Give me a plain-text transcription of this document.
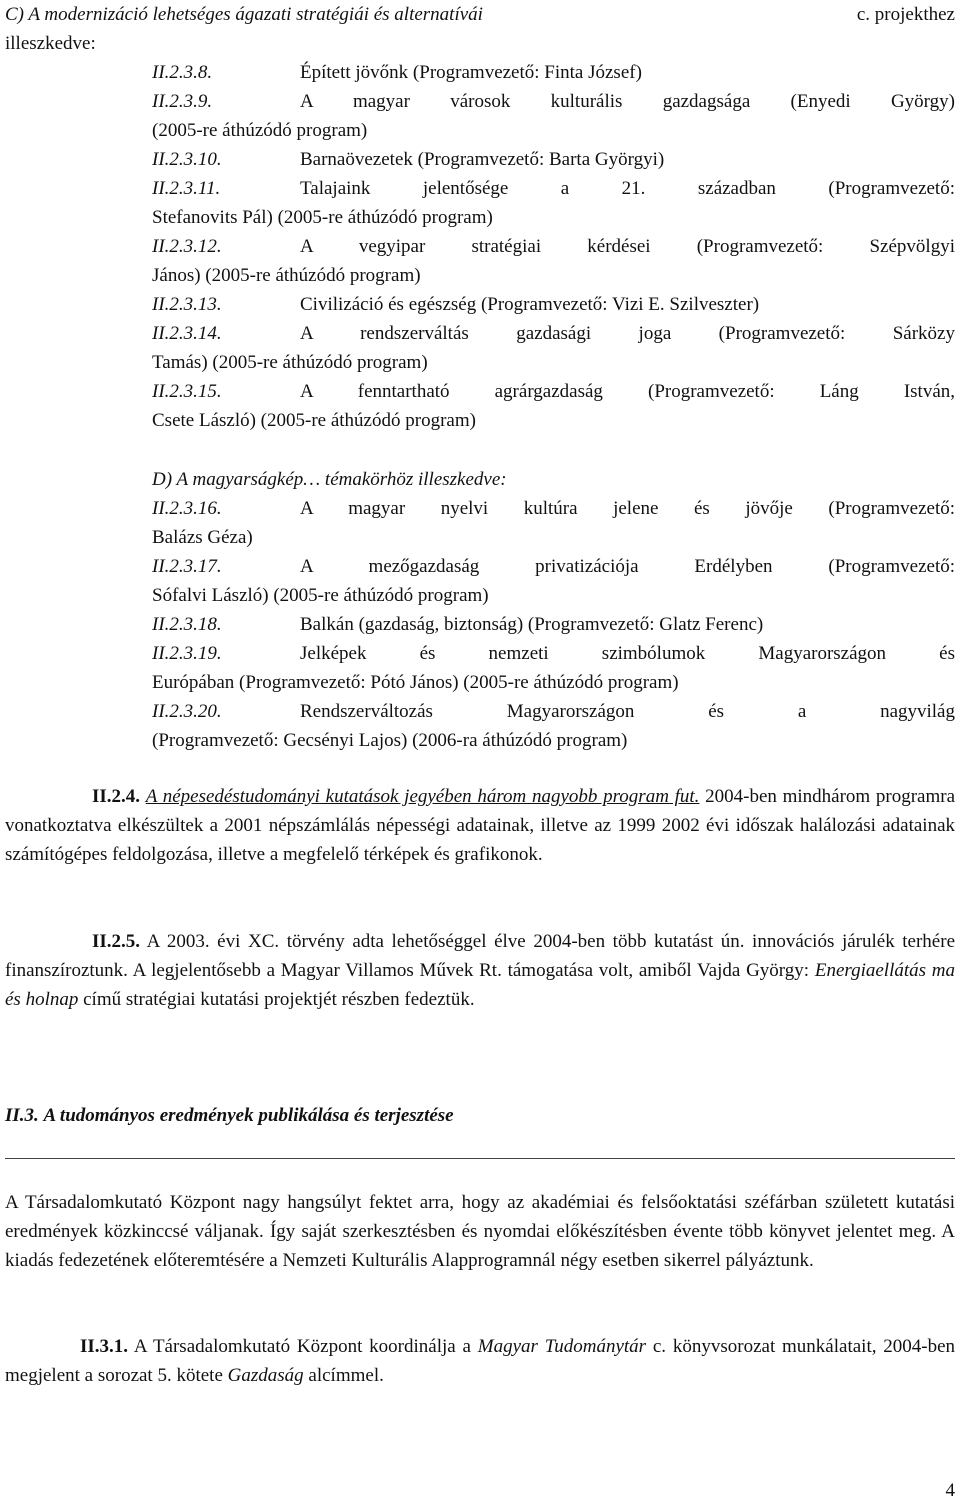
C) A modernizáció lehetséges ágazati stratégiái és alternatívái	c. projekthez
illeszkedve:
II.2.3.8.	Épített jövőnk (Programvezető: Finta József)
II.2.3.9.	A magyar városok kulturális gazdagsága (Enyedi György)
(2005-re áthúzódó program)
II.2.3.10.	Barnaövezetek (Programvezető: Barta Györgyi)
II.2.3.11.	Talajaink jelentősége a 21. században (Programvezető:
Stefanovits Pál) (2005-re áthúzódó program)
II.2.3.12.	A vegyipar stratégiai kérdései (Programvezető: Szépvölgyi
János) (2005-re áthúzódó program)
II.2.3.13.	Civilizáció és egészség (Programvezető: Vizi E. Szilveszter)
II.2.3.14.	A rendszerváltás gazdasági joga (Programvezető: Sárközy
Tamás) (2005-re áthúzódó program)
II.2.3.15.	A fenntartható agrárgazdaság (Programvezető: Láng István,
Csete László) (2005-re áthúzódó program)
D) A magyarságkép… témakörhöz illeszkedve:
II.2.3.16.	A magyar nyelvi kultúra jelene és jövője (Programvezető:
Balázs Géza)
II.2.3.17.	A mezőgazdaság privatizációja Erdélyben (Programvezető:
Sófalvi László) (2005-re áthúzódó program)
II.2.3.18.	Balkán (gazdaság, biztonság) (Programvezető: Glatz Ferenc)
II.2.3.19.	Jelképek és nemzeti szimbólumok Magyarországon és
Európában (Programvezető: Pótó János) (2005-re áthúzódó program)
II.2.3.20.	Rendszerváltozás Magyarországon és a nagyvilág
(Programvezető: Gecsényi Lajos) (2006-ra áthúzódó program)

II.2.4. A népesedéstudományi kutatások jegyében három nagyobb program fut. 2004-ben mindhárom programra vonatkoztatva elkészültek a 2001 népszámlálás népességi adatainak, illetve az 1999 2002 évi időszak halálozási adatainak számítógépes feldolgozása, illetve a megfelelő térképek és grafikonok.

II.2.5. A 2003. évi XC. törvény adta lehetőséggel élve 2004-ben több kutatást ún. innovációs járulék terhére finanszíroztunk. A legjelentősebb a Magyar Villamos Művek Rt. támogatása volt, amiből Vajda György: Energiaellátás ma és holnap című stratégiai kutatási projektjét részben fedeztük.

II.3. A tudományos eredmények publikálása és terjesztése

A Társadalomkutató Központ nagy hangsúlyt fektet arra, hogy az akadémiai és felsőoktatási széfárban született kutatási eredmények közkinccsé váljanak. Így saját szerkesztésben és nyomdai előkészítésben évente több könyvet jelentet meg. A kiadás fedezetének előteremtésére a Nemzeti Kulturális Alapprogramnál négy esetben sikerrel pályáztunk.

II.3.1. A Társadalomkutató Központ koordinálja a Magyar Tudománytár c. könyvsorozat munkálatait, 2004-ben megjelent a sorozat 5. kötete Gazdaság alcímmel.

4
